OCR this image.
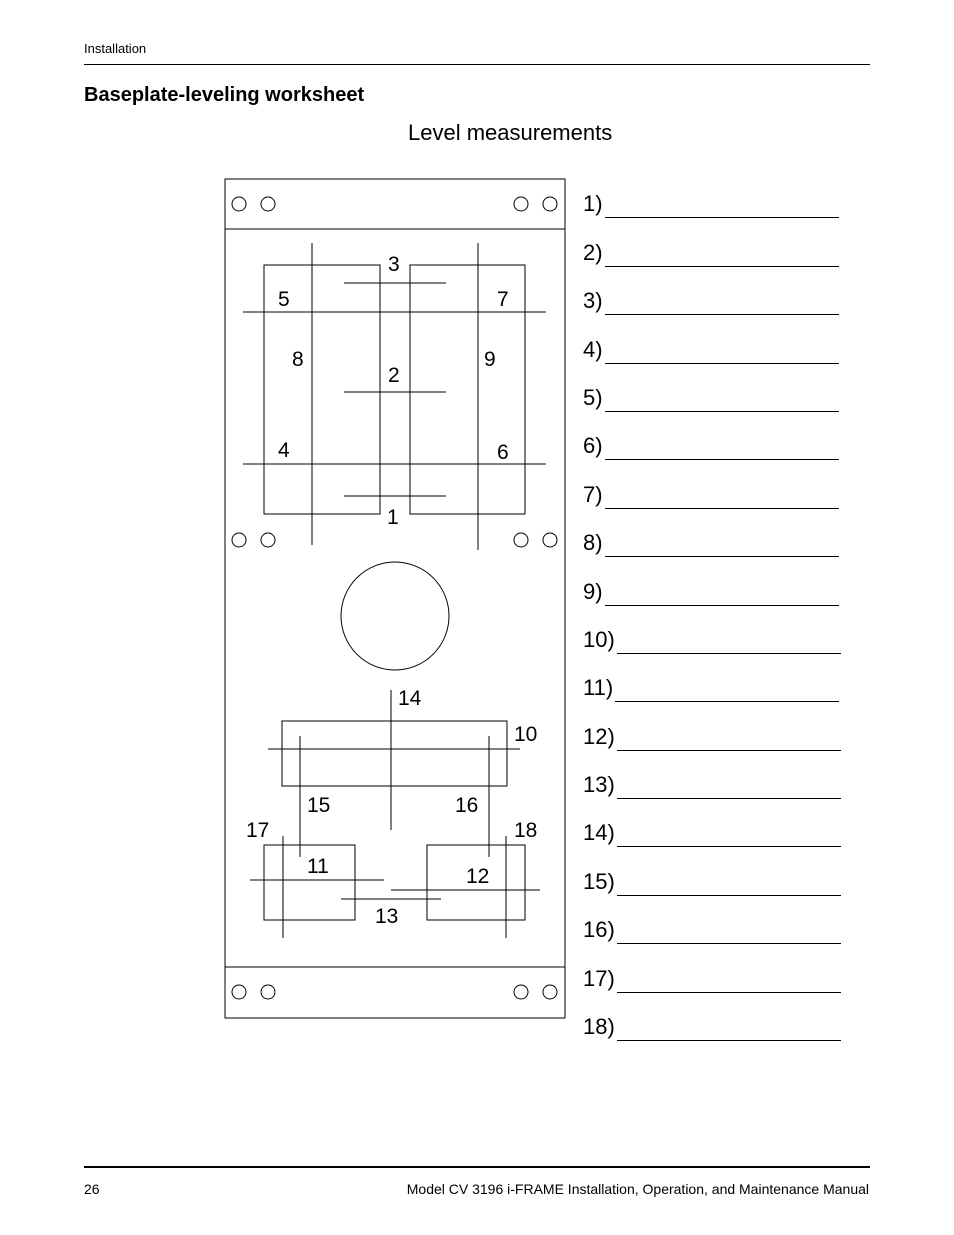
Installation
Baseplate-leveling worksheet
Level measurements
3
5	7
8	9
2
4	6
1
14
10
15	16
17	18
11	12
13
1)
2)
3)
4)
5)
6)
7)
8)
9)
10)
11)
12)
13)
14)
15)
16)
17)
18)
26	Model CV 3196 i-FRAME Installation, Operation, and Maintenance Manual
